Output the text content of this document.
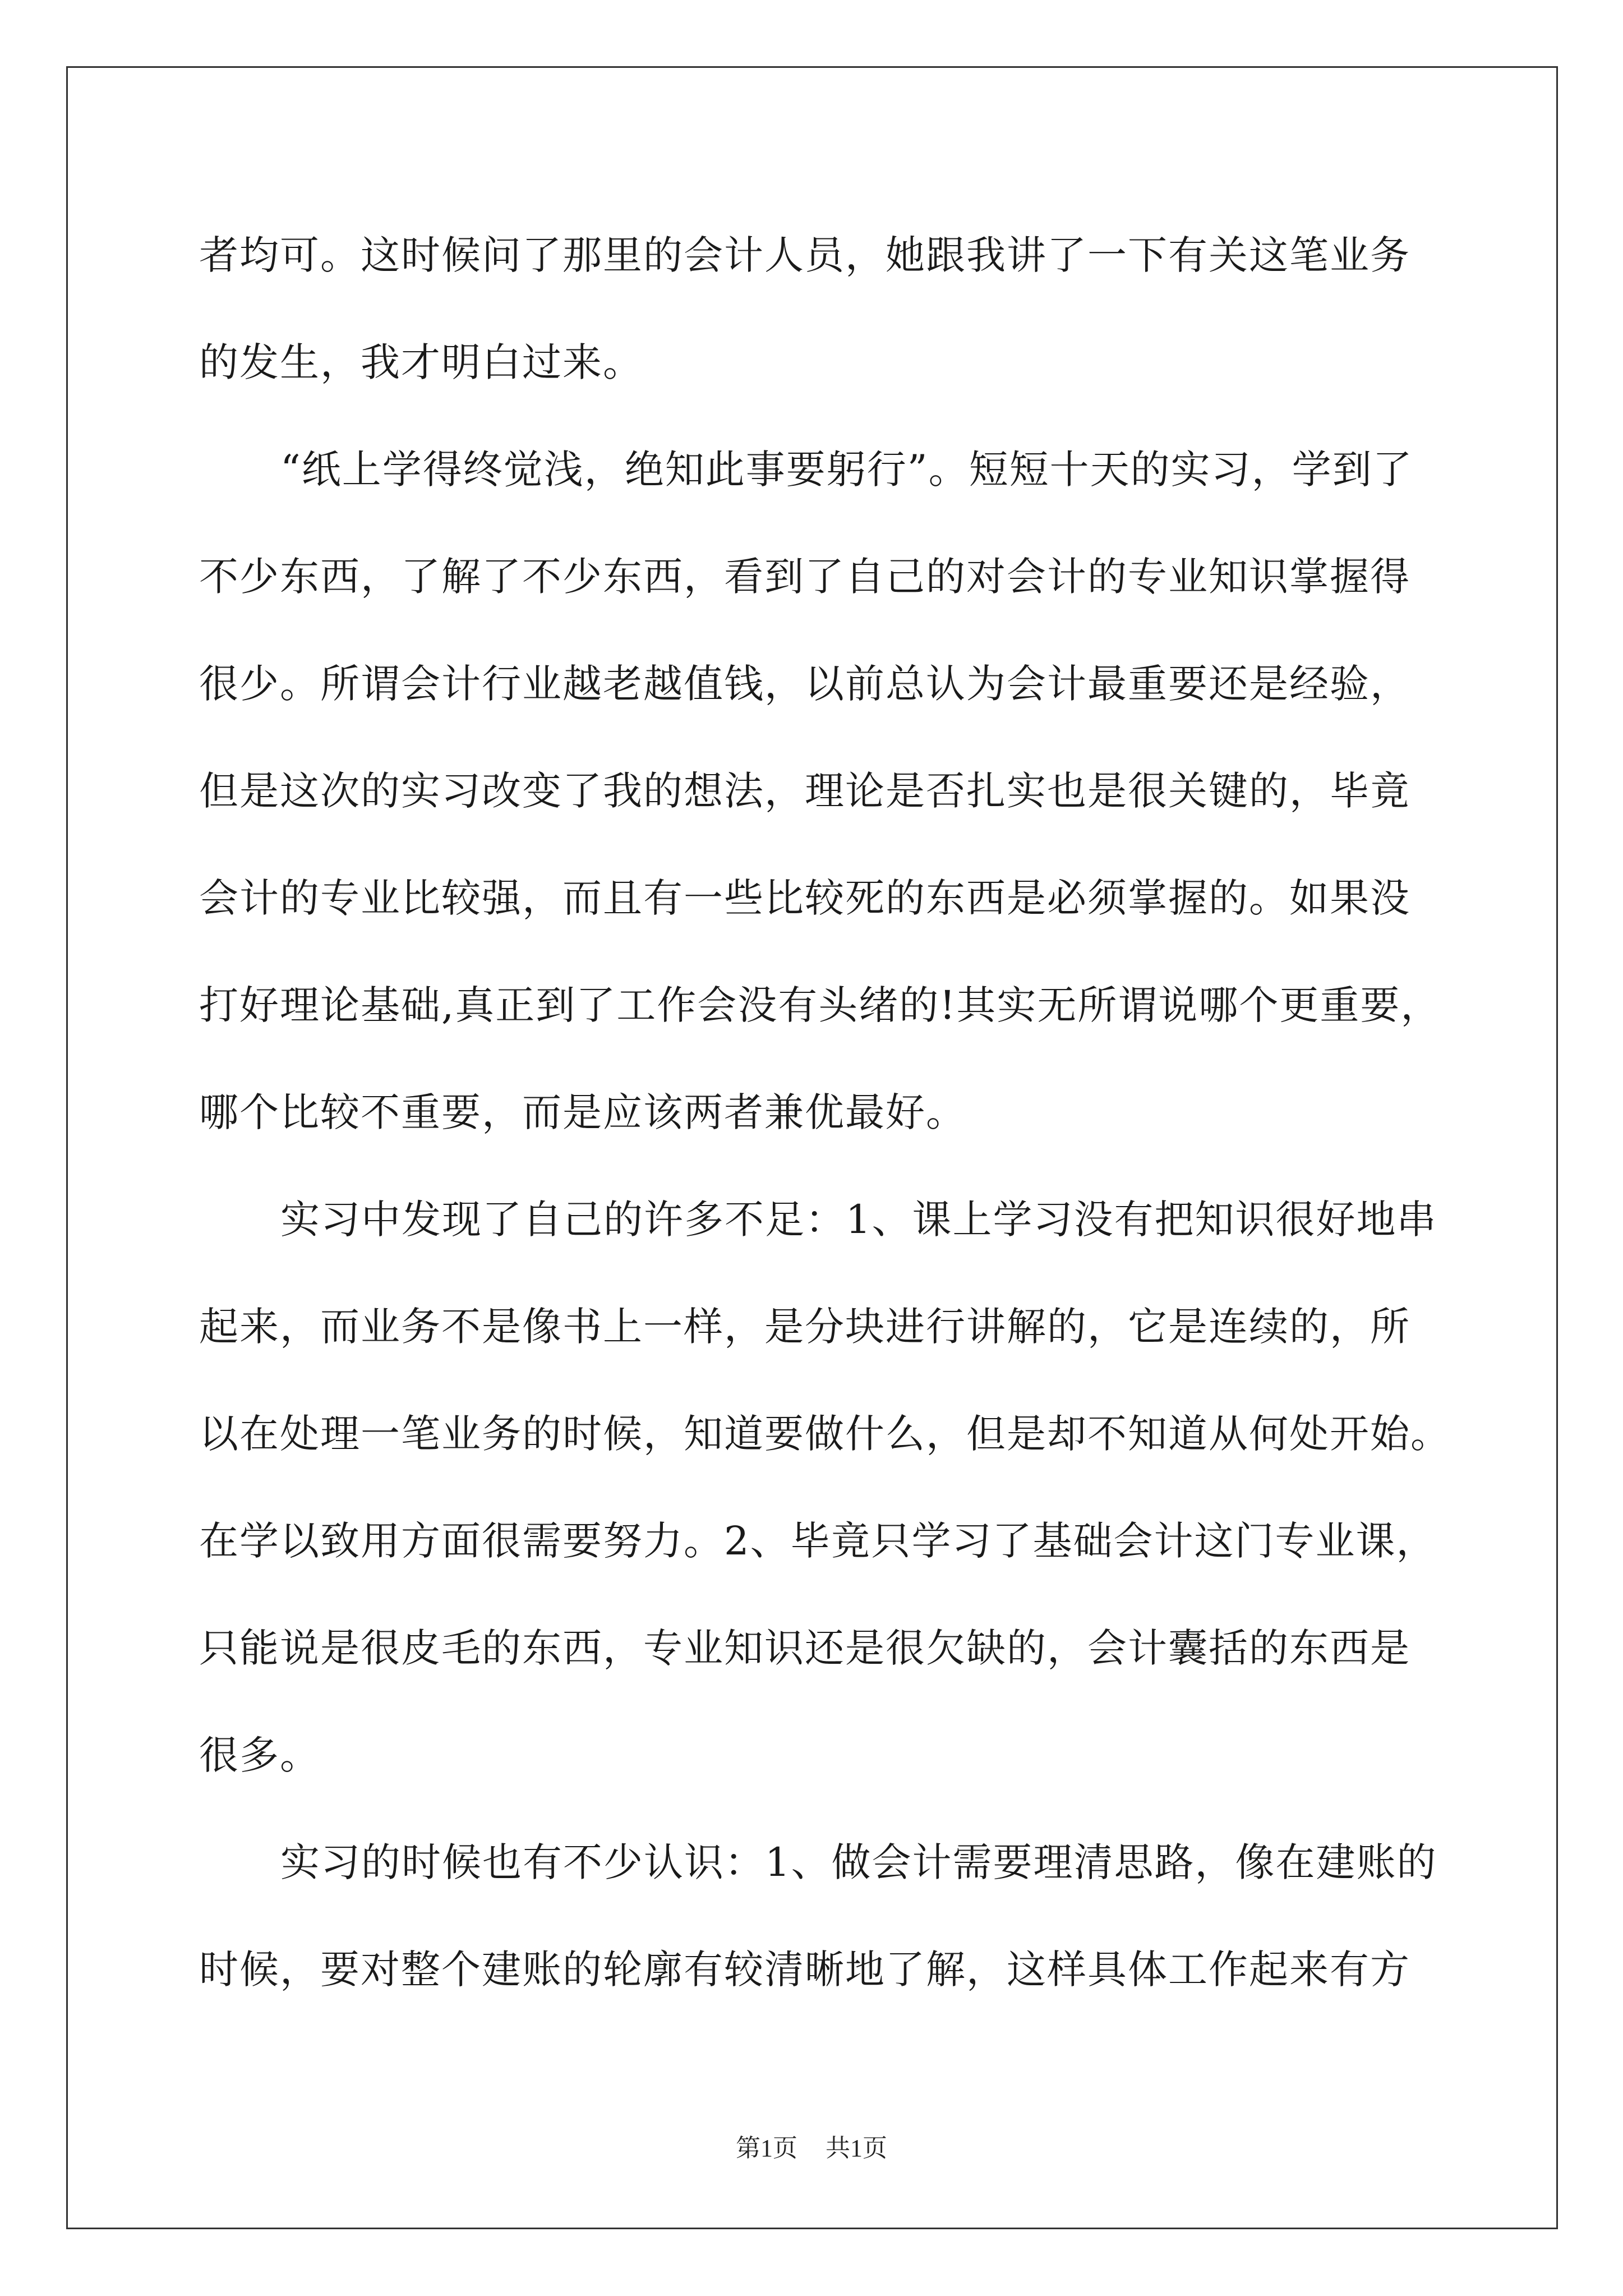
者均可。这时候问了那里的会计人员，她跟我讲了一下有关这笔业务
的发生，我才明白过来。
“纸上学得终觉浅，绝知此事要躬行”。短短十天的实习，学到了
不少东西，了解了不少东西，看到了自己的对会计的专业知识掌握得
很少。所谓会计行业越老越值钱，以前总认为会计最重要还是经验，
但是这次的实习改变了我的想法，理论是否扎实也是很关键的，毕竟
会计的专业比较强，而且有一些比较死的东西是必须掌握的。如果没
打好理论基础,真正到了工作会没有头绪的!其实无所谓说哪个更重要，
哪个比较不重要，而是应该两者兼优最好。
实习中发现了自己的许多不足：1、课上学习没有把知识很好地串
起来，而业务不是像书上一样，是分块进行讲解的，它是连续的，所
以在处理一笔业务的时候，知道要做什么，但是却不知道从何处开始。
在学以致用方面很需要努力。2、毕竟只学习了基础会计这门专业课，
只能说是很皮毛的东西，专业知识还是很欠缺的，会计囊括的东西是
很多。
实习的时候也有不少认识：1、做会计需要理清思路，像在建账的
时候，要对整个建账的轮廓有较清晰地了解，这样具体工作起来有方
第1页 共1页
